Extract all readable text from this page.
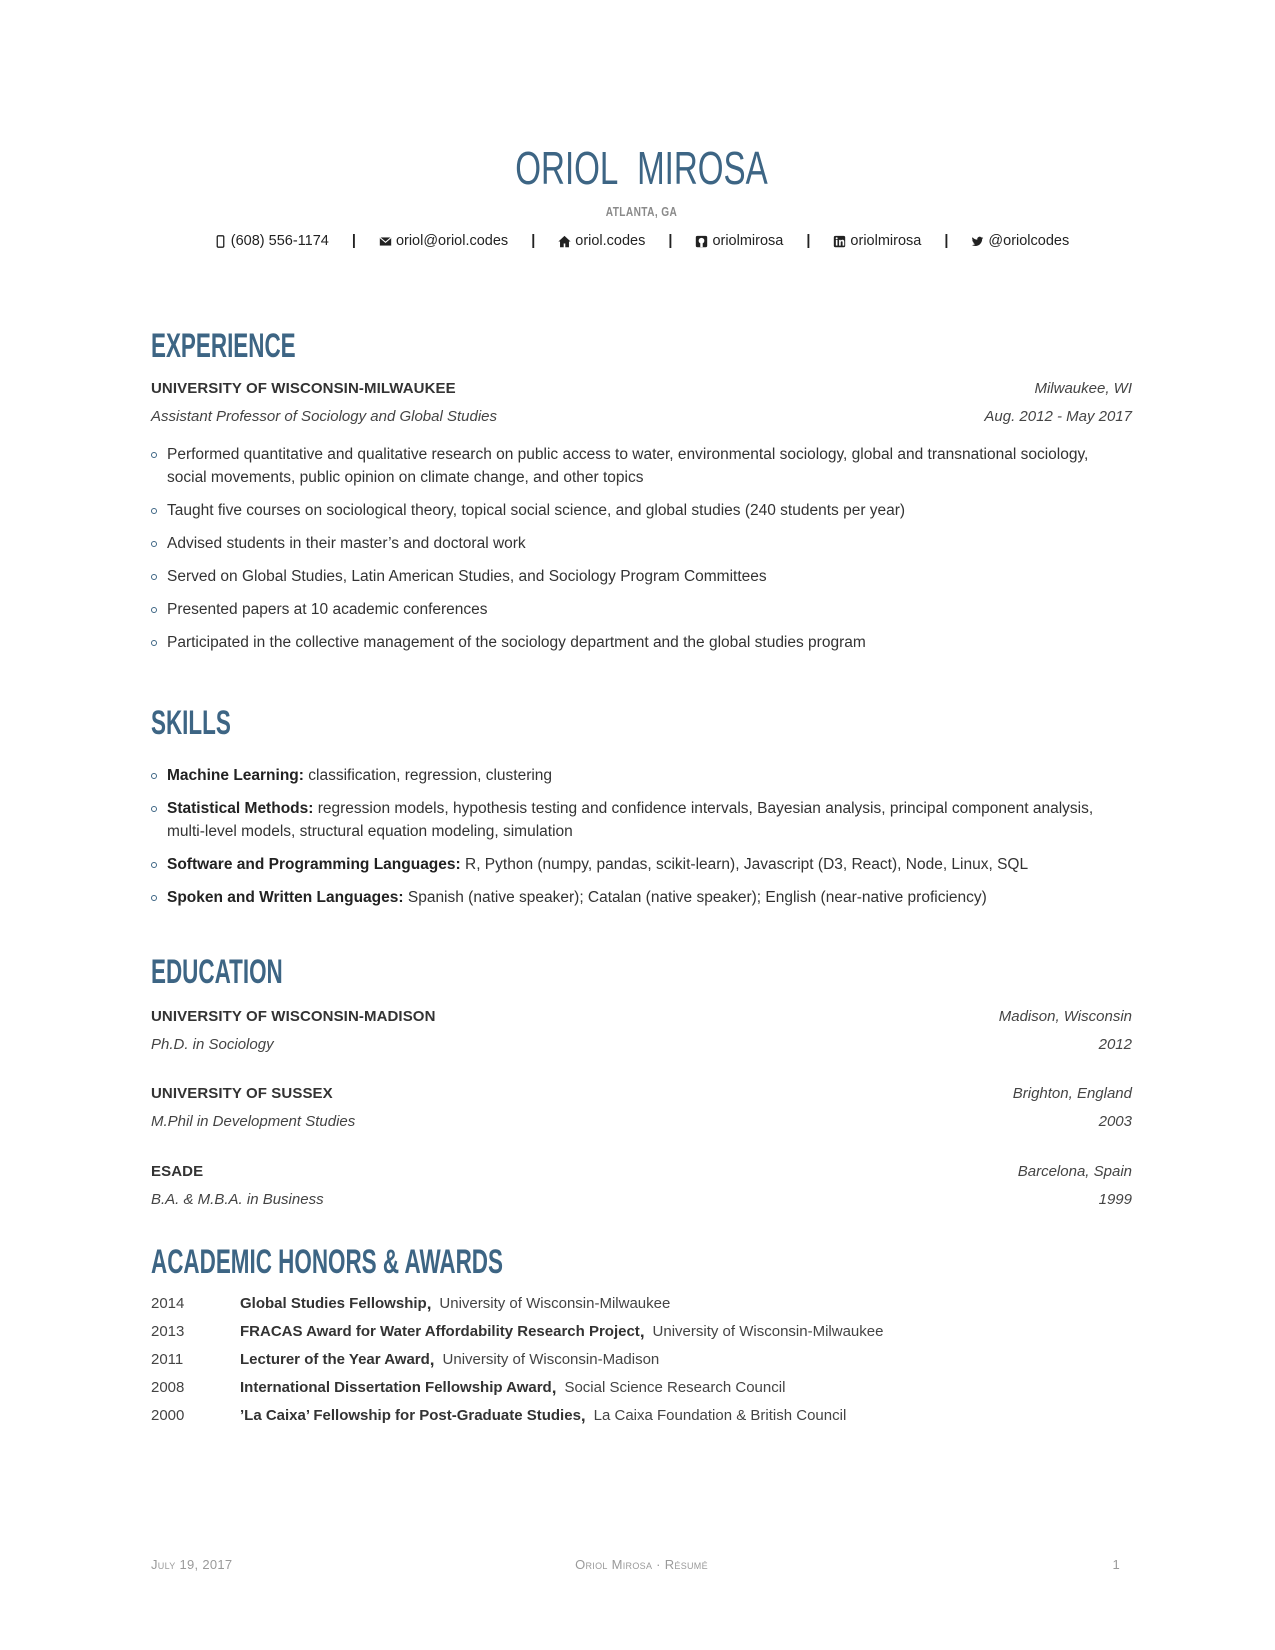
ORIOL MIROSA
ATLANTA, GA
(608) 556-1174 |	oriol@oriol.codes |	oriol.codes |	oriolmirosa |	oriolmirosa |	@oriolcodes
EXPERIENCE
UNIVERSITY OF WISCONSIN-MILWAUKEE	Milwaukee, WI
Assistant Professor of Sociology and Global Studies	Aug. 2012 - May 2017
Performed quantitative and qualitative research on public access to water, environmental sociology, global and transnational sociology, social movements, public opinion on climate change, and other topics
Taught five courses on sociological theory, topical social science, and global studies (240 students per year)
Advised students in their master’s and doctoral work
Served on Global Studies, Latin American Studies, and Sociology Program Committees
Presented papers at 10 academic conferences
Participated in the collective management of the sociology department and the global studies program
SKILLS
Machine Learning: classification, regression, clustering
Statistical Methods: regression models, hypothesis testing and confidence intervals, Bayesian analysis, principal component analysis, multi-level models, structural equation modeling, simulation
Software and Programming Languages: R, Python (numpy, pandas, scikit-learn), Javascript (D3, React), Node, Linux, SQL
Spoken and Written Languages: Spanish (native speaker); Catalan (native speaker); English (near-native proficiency)
EDUCATION
UNIVERSITY OF WISCONSIN-MADISON	Madison, Wisconsin
Ph.D. in Sociology	2012
UNIVERSITY OF SUSSEX	Brighton, England
M.Phil in Development Studies	2003
ESADE	Barcelona, Spain
B.A. & M.B.A. in Business	1999
ACADEMIC HONORS & AWARDS
2014	Global Studies Fellowship , University of Wisconsin-Milwaukee
2013	FRACAS Award for Water Affordability Research Project , University of Wisconsin-Milwaukee
2011	Lecturer of the Year Award , University of Wisconsin-Madison
2008	International Dissertation Fellowship Award , Social Science Research Council
2000	’La Caixa’ Fellowship for Post-Graduate Studies , La Caixa Foundation & British Council
July 19, 2017	Oriol Mirosa · Résumé	1
